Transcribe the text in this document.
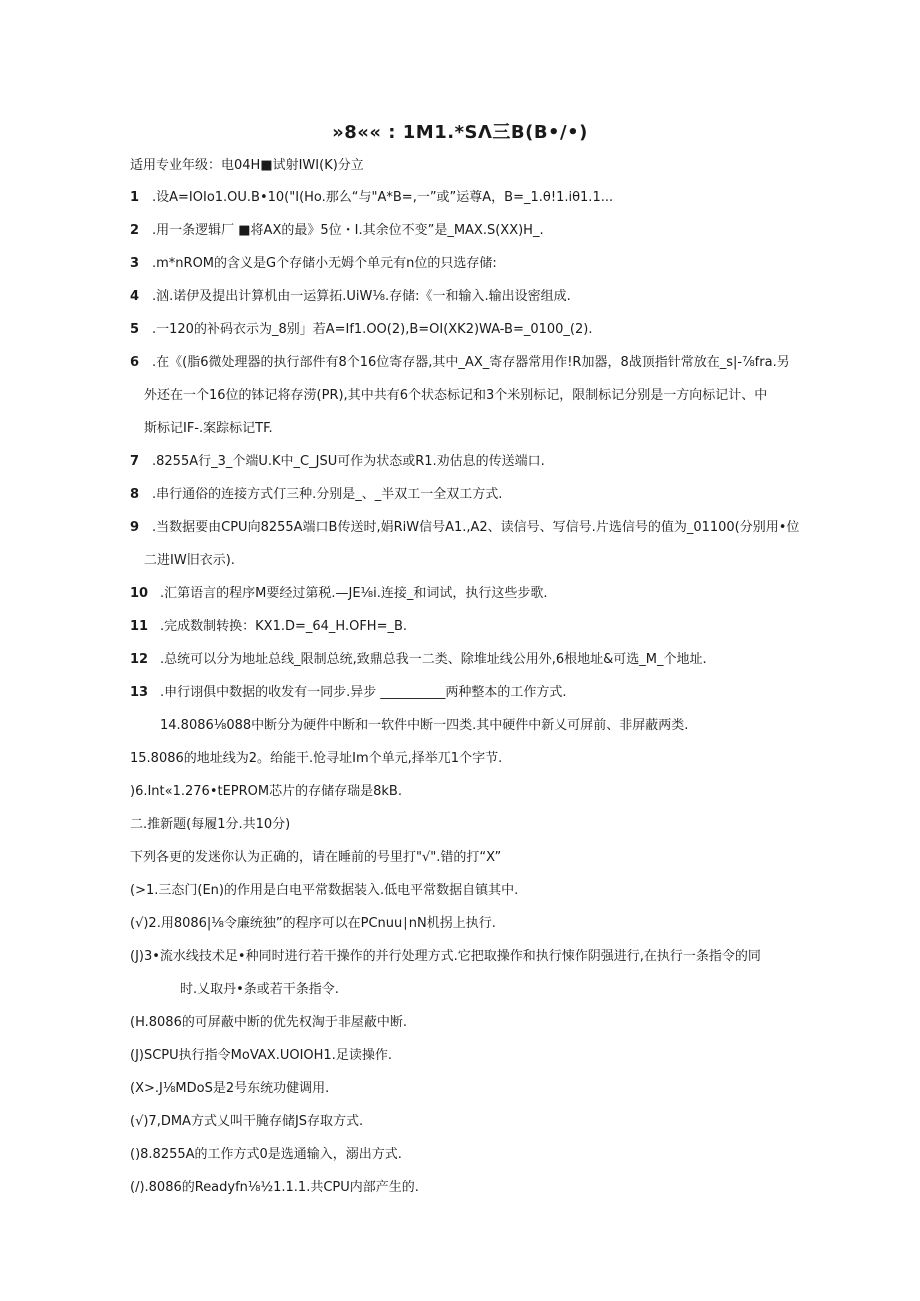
»8«« : 1M1.*SΛ三B(B•/•)
适用专业年级：电04H■试射IWI(K)分立
1 .设A=IOIo1.OU.B•10("I(Ho.那么“与"A*B=,一”或”运尊A，B=_1.θ!1.iθ1.1...
2 .用一条逻辑厂 ■将AX的最》5位・I.其余位不变”是_MAX.S(XX)H_.
3 .m*nROM的含义是G个存储小无姆个单元有n位的只选存储:
4 .汹.诺伊及提出计算机由一运算拓.UiW⅛.存储:《一和输入.输出设密组成.
5 .一120的补码衣示为_8别」若A=If1.OO(2),B=OI(XK2)WA-B=_0100_(2).
6 .在《(脂6微处理器的执行部件有8个16位寄存器,其中_AX_寄存器常用作!R加器，8战顶指针常放在_s|-⅞fra.另
外还在一个16位的钵记将存涝(PR),其中共有6个状态标记和3个米别标记，限制标记分别是一方向标记计、中
斯标记IF-.案踪标记TF.
7 .8255A行_3_个端U.K中_C_JSU可作为状态或R1.劝估息的传送端口.
8 .串行通俗的连接方式仃三种.分别是_、_半双工一全双工方式.
9 .当数据要由CPU向8255A端口B传送时,娟RiW信号A1.,A2、读信号、写信号.片选信号的值为_01100(分别用•位
二进IW旧衣示).
10 .汇第语言的程序M要经过第税.—JE⅛i.连接_和词试，执行这些步歌.
11 .完成数制转换：KX1.D=_64_H.OFH=_B.
12 .总统可以分为地址总线_限制总统,致鼎总我一二类、除堆址线公用外,6根地址&可选_M_个地址.
13 .申行诩俱中数据的收发有一同步.异步 __________两种整本的工作方式.
14.8086⅛088中断分为硬件中断和一软件中断一四类.其中硬件中新乂可屏前、非屏蔽两类.
15.8086的地址线为2。绐能干.怆寻址Im个单元,择举兀1个字节.
)6.Int«1.276•tEPROM芯片的存储存瑞是8kB.
二.推新题(每履1分.共10分)
下列各更的发迷你认为正确的，请在睡前的号里打"√".错的打“X”
(>1.三态门(En)的作用是白电平常数据装入.低电平常数据自镇其中.
(√)2.用8086|⅛令廉统独”的程序可以在PCnuu∣nN机拐上执行.
(J)3•流水线技术足•种同时进行若干操作的并行处理方式.它把取操作和执行悚作阴强进行,在执行一条指令的同
时.乂取丹•条或若干条指令.
(H.8086的可屏蔽中断的优先权淘于非屋蔽中断.
(J)SCPU执行指令MoVAX.UOIOH1.足读操作.
(X>.J⅛MDoS是2号东统功健调用.
(√)7,DMA方式乂叫干腌存储JS存取方式.
()8.8255A的工作方式0是选通输入，溺出方式.
(/).8086的Readyfn⅛½1.1.1.共CPU内部产生的.
